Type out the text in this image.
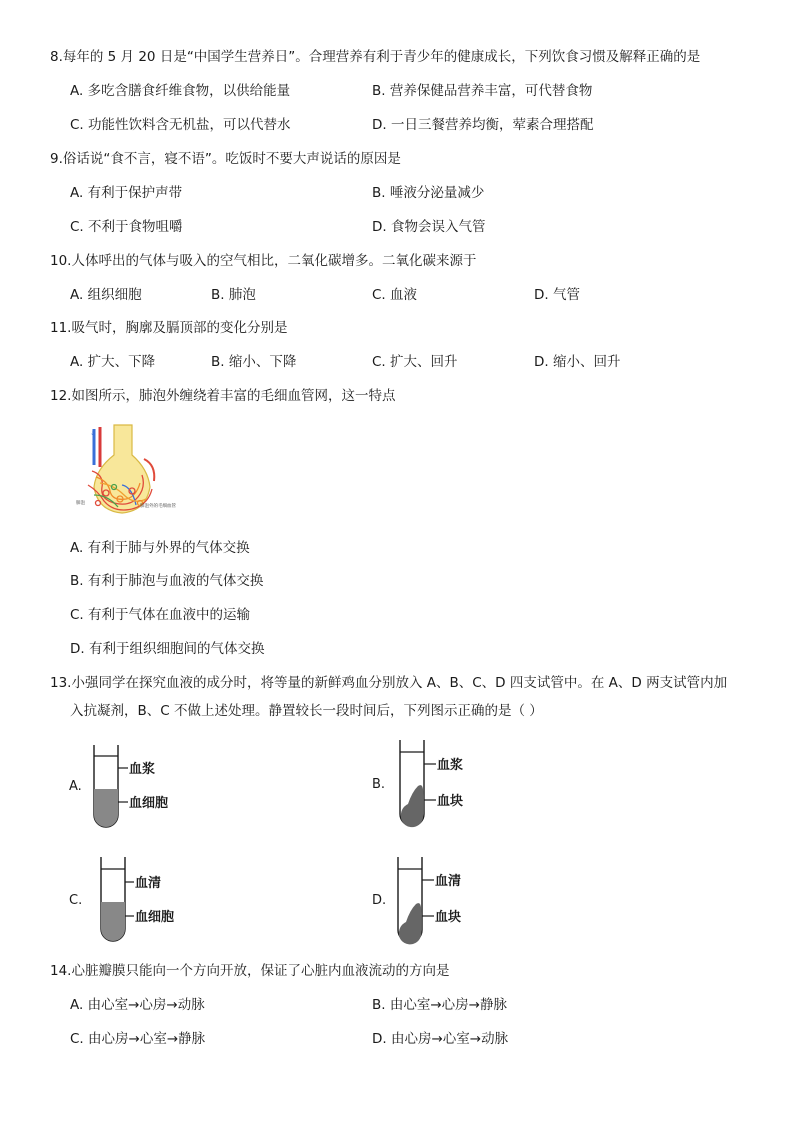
8.每年的 5 月 20 日是“中国学生营养日”。合理营养有利于青少年的健康成长，下列饮食习惯及解释正确的是
A. 多吃含膳食纤维食物，以供给能量	B. 营养保健品营养丰富，可代替食物
C. 功能性饮料含无机盐，可以代替水	D. 一日三餐营养均衡，荤素合理搭配
9.俗话说“食不言，寝不语”。吃饭时不要大声说话的原因是
A. 有利于保护声带	B. 唾液分泌量减少
C. 不利于食物咀嚼	D. 食物会误入气管
10.人体呼出的气体与吸入的空气相比，二氧化碳增多。二氧化碳来源于
A. 组织细胞	B. 肺泡	C. 血液	D. 气管
11.吸气时，胸廓及膈顶部的变化分别是
A. 扩大、下降	B. 缩小、下降	C. 扩大、回升	D. 缩小、回升
12.如图所示，肺泡外缠绕着丰富的毛细血管网，这一特点
↓
肺泡
肺泡外的毛细血管
A. 有利于肺与外界的气体交换
B. 有利于肺泡与血液的气体交换
C. 有利于气体在血液中的运输
D. 有利于组织细胞间的气体交换
13.小强同学在探究血液的成分时，将等量的新鲜鸡血分别放入 A、B、C、D 四支试管中。在 A、D 两支试管内加
入抗凝剂，B、C 不做上述处理。静置较长一段时间后，下列图示正确的是（ ）
A.
血浆
血细胞
B.
血浆
血块
C.
血清
血细胞
D.
血清
血块
14.心脏瓣膜只能向一个方向开放，保证了心脏内血液流动的方向是
A. 由心室→心房→动脉	B. 由心室→心房→静脉
C. 由心房→心室→静脉	D. 由心房→心室→动脉
